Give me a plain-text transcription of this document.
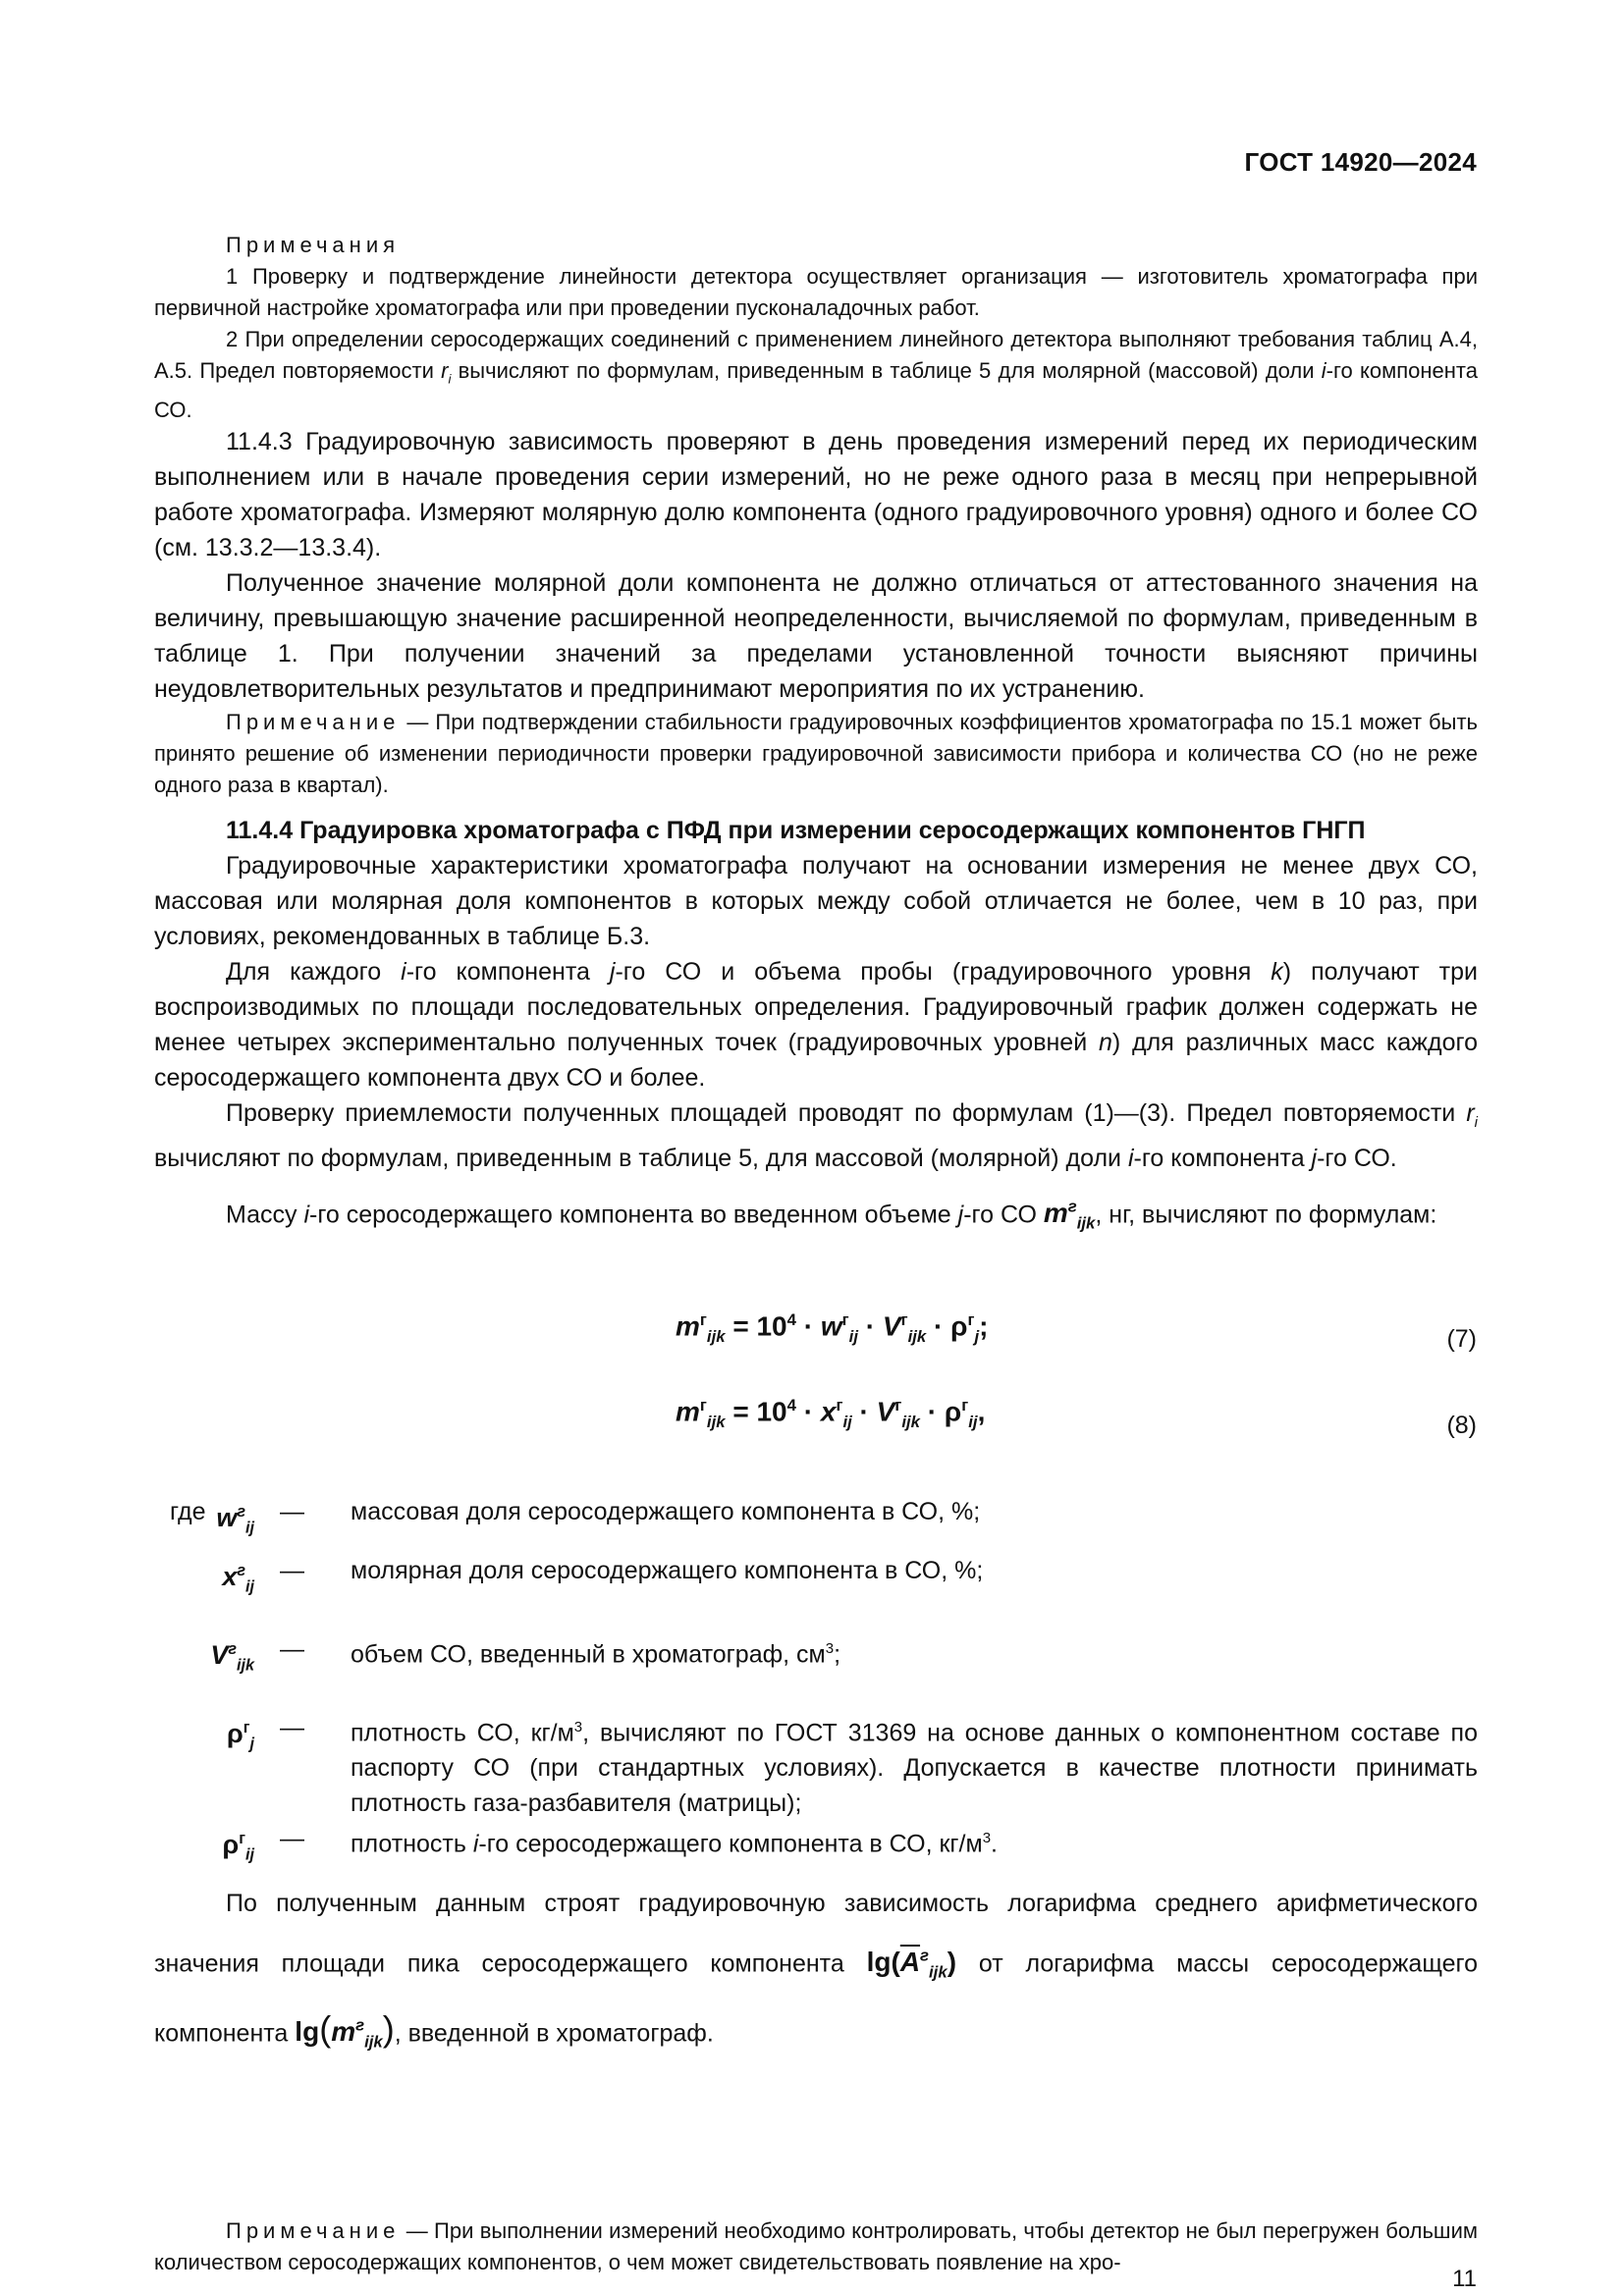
ГОСТ 14920—2024

Примечания

1 Проверку и подтверждение линейности детектора осуществляет организация — изготовитель хроматографа при первичной настройке хроматографа или при проведении пусконаладочных работ.

2 При определении серосодержащих соединений с применением линейного детектора выполняют требования таблиц А.4, А.5. Предел повторяемости $r_i$ вычисляют по формулам, приведенным в таблице 5 для молярной (массовой) доли i-го компонента СО.

11.4.3 Градуировочную зависимость проверяют в день проведения измерений перед их периодическим выполнением или в начале проведения серии измерений, но не реже одного раза в месяц при непрерывной работе хроматографа. Измеряют молярную долю компонента (одного градуировочного уровня) одного и более СО (см. 13.3.2—13.3.4).

Полученное значение молярной доли компонента не должно отличаться от аттестованного значения на величину, превышающую значение расширенной неопределенности, вычисляемой по формулам, приведенным в таблице 1. При получении значений за пределами установленной точности выясняют причины неудовлетворительных результатов и предпринимают мероприятия по их устранению.

Примечание — При подтверждении стабильности градуировочных коэффициентов хроматографа по 15.1 может быть принято решение об изменении периодичности проверки градуировочной зависимости прибора и количества СО (но не реже одного раза в квартал).

11.4.4 Градуировка хроматографа с ПФД при измерении серосодержащих компонентов ГНГП

Градуировочные характеристики хроматографа получают на основании измерения не менее двух СО, массовая или молярная доля компонентов в которых между собой отличается не более, чем в 10 раз, при условиях, рекомендованных в таблице Б.3.

Для каждого i-го компонента j-го СО и объема пробы (градуировочного уровня k) получают три воспроизводимых по площади последовательных определения. Градуировочный график должен содержать не менее четырех экспериментально полученных точек (градуировочных уровней n) для различных масс каждого серосодержащего компонента двух СО и более.

Проверку приемлемости полученных площадей проводят по формулам (1)—(3). Предел повторяемости $r_i$ вычисляют по формулам, приведенным в таблице 5, для массовой (молярной) доли i-го компонента j-го СО.

Массу i-го серосодержащего компонента во введенном объеме j-го СО $m^г_{ijk}$, нг, вычисляют по формулам:

$m^г_{ijk} = 10^4 \cdot w^г_{ij} \cdot V^г_{ijk} \cdot \rho^г_j$;	(7)
$m^г_{ijk} = 10^4 \cdot x^г_{ij} \cdot V^г_{ijk} \cdot \rho^г_{ij}$,	(8)
где $w^г_{ij}$
— массовая доля серосодержащего компонента в СО, %;
$x^г_{ij}$
— молярная доля серосодержащего компонента в СО, %;
$V^г_{ijk}$
— объем СО, введенный в хроматограф, $см^3$;
$\rho^г_j$
— плотность СО, $кг/м^3$, вычисляют по ГОСТ 31369 на основе данных о компонентном составе по паспорту СО (при стандартных условиях). Допускается в качестве плотности принимать плотность газа-разбавителя (матрицы);
$\rho^г_{ij}$
— плотность i-го серосодержащего компонента в СО, $кг/м^3$.

По полученным данным строят градуировочную зависимость логарифма среднего арифметического значения площади пика серосодержащего компонента $\lg(\overline{A}^г_{ijk})$ от логарифма массы серосодержащего компонента $\lg(m^г_{ijk})$, введенной в хроматограф.

Примечание — При выполнении измерений необходимо контролировать, чтобы детектор не был перегружен большим количеством серосодержащих компонентов, о чем может свидетельствовать появление на хро-

11
